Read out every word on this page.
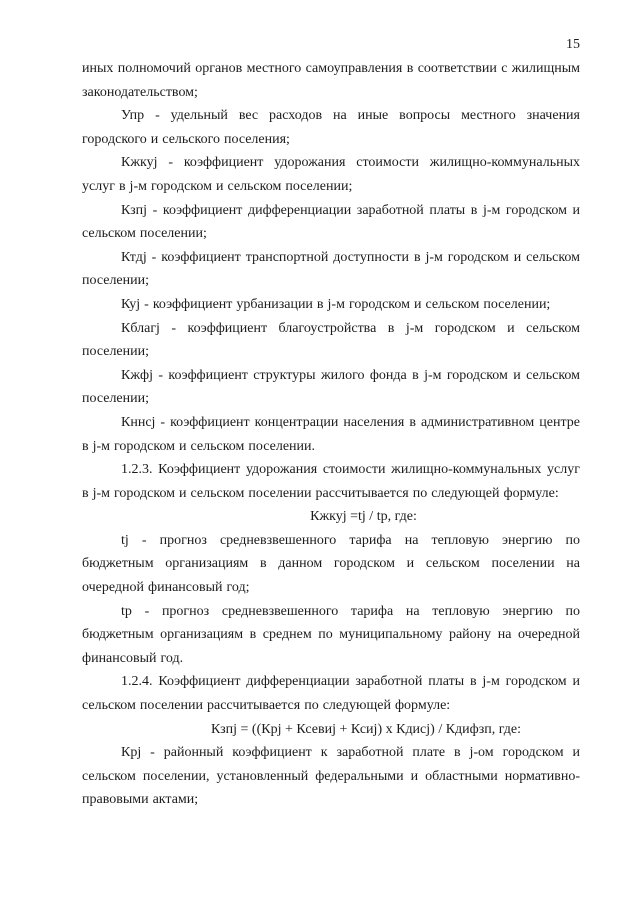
15

иных полномочий органов местного самоуправления в соответствии с жилищным законодательством;

Упр - удельный вес расходов на иные вопросы местного значения городского и сельского поселения;

Кжкуj - коэффициент удорожания стоимости жилищно-коммунальных услуг в j-м городском и сельском поселении;

Кзпj - коэффициент дифференциации заработной платы в j-м городском и сельском поселении;

Ктдj - коэффициент транспортной доступности в j-м городском и сельском поселении;

Куj - коэффициент урбанизации в j-м городском и сельском поселении;

Кблагj - коэффициент благоустройства в j-м городском и сельском поселении;

Кжфj - коэффициент структуры жилого фонда в j-м городском и сельском поселении;

Кннсj - коэффициент концентрации населения в административном центре в j-м городском и сельском поселении.

1.2.3. Коэффициент удорожания стоимости жилищно-коммунальных услуг в j-м городском и сельском поселении рассчитывается по следующей формуле:

Кжкуj =tj / tp, где:

tj - прогноз средневзвешенного тарифа на тепловую энергию по бюджетным организациям в данном городском и сельском поселении на очередной финансовый год;

tp - прогноз средневзвешенного тарифа на тепловую энергию по бюджетным организациям в среднем по муниципальному району на очередной финансовый год.

1.2.4. Коэффициент дифференциации заработной платы в j-м городском и сельском поселении рассчитывается по следующей формуле:

Кзпj = ((Крj + Ксевиj + Ксиj) x Кдисj) / Кдифзп, где:

Крj - районный коэффициент к заработной плате в j-ом городском и сельском поселении, установленный федеральными и областными нормативно-правовыми актами;
